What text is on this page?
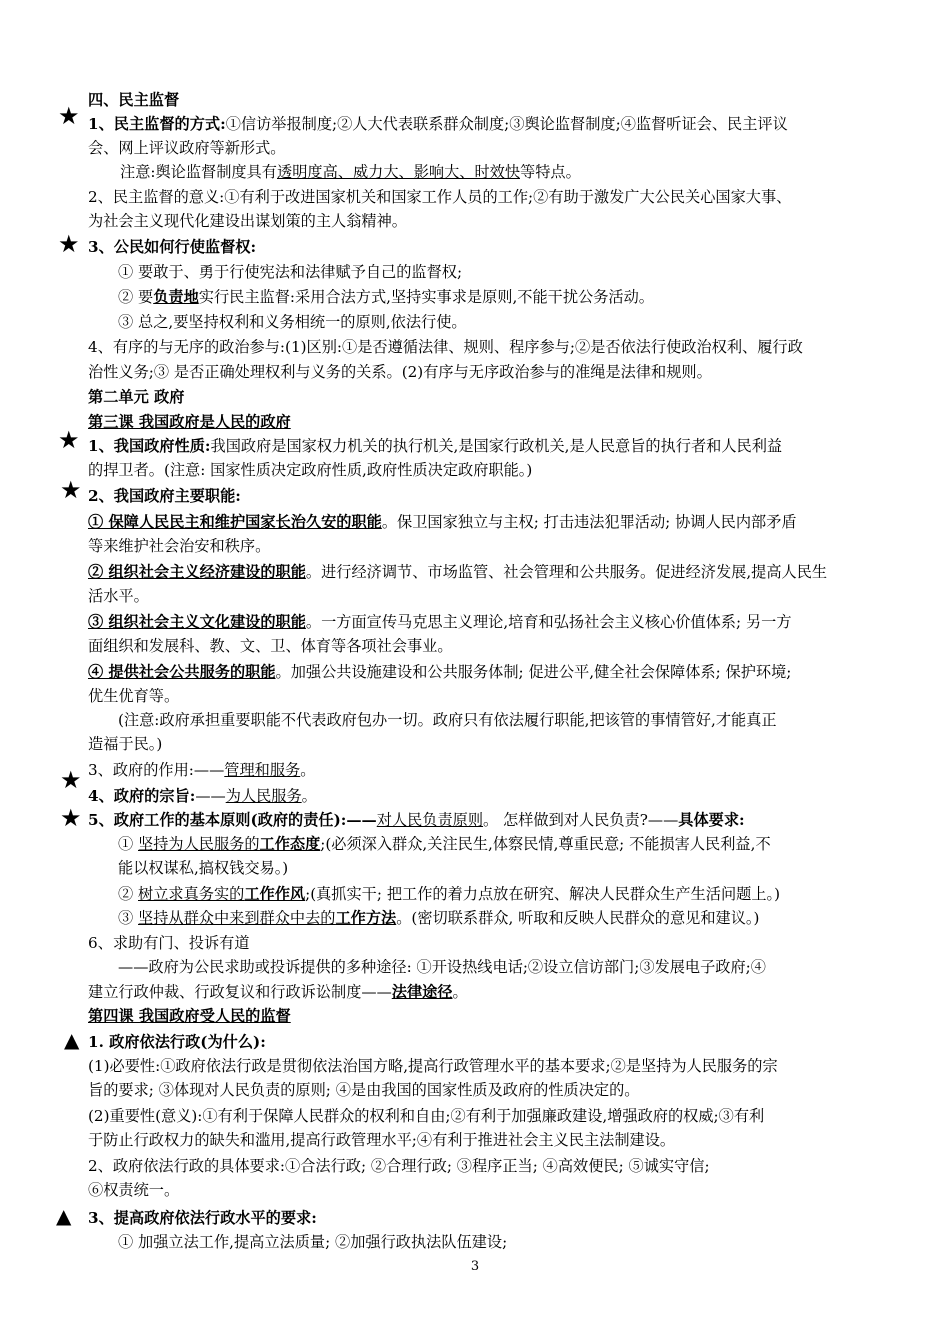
四、民主监督
1、民主监督的方式:①信访举报制度;②人大代表联系群众制度;③舆论监督制度;④监督听证会、民主评议
会、网上评议政府等新形式。
注意:舆论监督制度具有透明度高、威力大、影响大、时效快等特点。
2、民主监督的意义:①有利于改进国家机关和国家工作人员的工作;②有助于激发广大公民关心国家大事、
为社会主义现代化建设出谋划策的主人翁精神。
3、公民如何行使监督权:
① 要敢于、勇于行使宪法和法律赋予自己的监督权;
② 要负责地实行民主监督:采用合法方式,坚持实事求是原则,不能干扰公务活动。
③ 总之,要坚持权利和义务相统一的原则,依法行使。
4、有序的与无序的政治参与:(1)区别:①是否遵循法律、规则、程序参与;②是否依法行使政治权利、履行政
治性义务;③ 是否正确处理权利与义务的关系。(2)有序与无序政治参与的准绳是法律和规则。
第二单元 政府
第三课 我国政府是人民的政府
1、我国政府性质:我国政府是国家权力机关的执行机关,是国家行政机关,是人民意旨的执行者和人民利益
的捍卫者。(注意: 国家性质决定政府性质,政府性质决定政府职能。)
2、我国政府主要职能:
① 保障人民民主和维护国家长治久安的职能。保卫国家独立与主权; 打击违法犯罪活动; 协调人民内部矛盾
等来维护社会治安和秩序。
② 组织社会主义经济建设的职能。进行经济调节、市场监管、社会管理和公共服务。促进经济发展,提高人民生
活水平。
③ 组织社会主义文化建设的职能。一方面宣传马克思主义理论,培育和弘扬社会主义核心价值体系; 另一方
面组织和发展科、教、文、卫、体育等各项社会事业。
④ 提供社会公共服务的职能。加强公共设施建设和公共服务体制; 促进公平,健全社会保障体系; 保护环境;
优生优育等。
(注意:政府承担重要职能不代表政府包办一切。政府只有依法履行职能,把该管的事情管好,才能真正
造福于民。)
3、政府的作用:——管理和服务。
4、政府的宗旨:——为人民服务。
5、政府工作的基本原则(政府的责任):——对人民负责原则。 怎样做到对人民负责?——具体要求:
① 坚持为人民服务的工作态度;(必须深入群众,关注民生,体察民情,尊重民意; 不能损害人民利益,不
能以权谋私,搞权钱交易。)
② 树立求真务实的工作作风;(真抓实干; 把工作的着力点放在研究、解决人民群众生产生活问题上。)
③ 坚持从群众中来到群众中去的工作方法。(密切联系群众, 听取和反映人民群众的意见和建议。)
6、求助有门、投诉有道
——政府为公民求助或投诉提供的多种途径: ①开设热线电话;②设立信访部门;③发展电子政府;④
建立行政仲裁、行政复议和行政诉讼制度——法律途径。
第四课 我国政府受人民的监督
1. 政府依法行政(为什么):
(1)必要性:①政府依法行政是贯彻依法治国方略,提高行政管理水平的基本要求;②是坚持为人民服务的宗
旨的要求; ③体现对人民负责的原则; ④是由我国的国家性质及政府的性质决定的。
(2)重要性(意义):①有利于保障人民群众的权利和自由;②有利于加强廉政建设,增强政府的权威;③有利
于防止行政权力的缺失和滥用,提高行政管理水平;④有利于推进社会主义民主法制建设。
2、政府依法行政的具体要求:①合法行政; ②合理行政; ③程序正当; ④高效便民; ⑤诚实守信;
⑥权责统一。
3、提高政府依法行政水平的要求:
① 加强立法工作,提高立法质量; ②加强行政执法队伍建设;
★
★
★
★
★
★
▲
▲
3
